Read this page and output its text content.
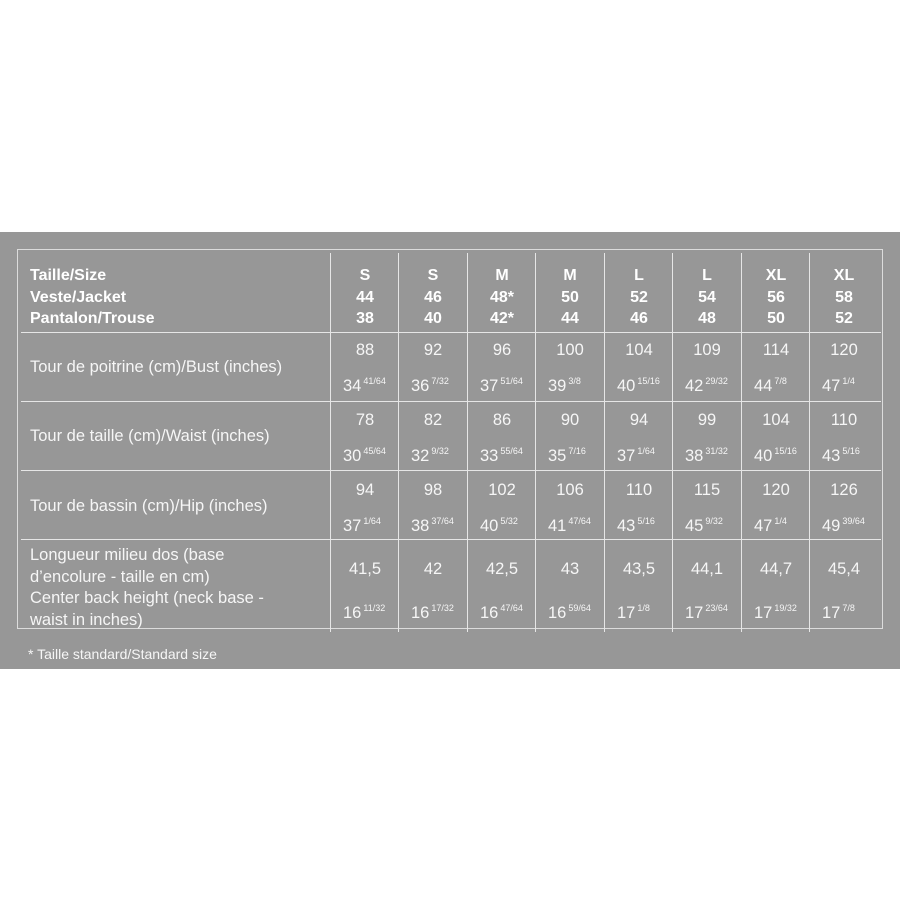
Taille/Size
Veste/Jacket
Pantalon/Trouse
S
44
38
S
46
40
M
48*
42*
M
50
44
L
52
46
L
54
48
XL
56
50
XL
58
52
Tour de poitrine (cm)/Bust (inches)
88
34 $^{41/64}$
92
36 $^{7/32}$
96
37 $^{51/64}$
100
39 $^{3/8}$
104
40 $^{15/16}$
109
42 $^{29/32}$
114
44 $^{7/8}$
120
47 $^{1/4}$
Tour de taille (cm)/Waist (inches)
78
30 $^{45/64}$
82
32 $^{9/32}$
86
33 $^{55/64}$
90
35 $^{7/16}$
94
37 $^{1/64}$
99
38 $^{31/32}$
104
40 $^{15/16}$
110
43 $^{5/16}$
Tour de bassin (cm)/Hip (inches)
94
37 $^{1/64}$
98
38 $^{37/64}$
102
40 $^{5/32}$
106
41 $^{47/64}$
110
43 $^{5/16}$
115
45 $^{9/32}$
120
47 $^{1/4}$
126
49 $^{39/64}$
Longueur milieu dos (base
d’encolure - taille en cm)
Center back height (neck base -
waist in inches)
41,5
16 $^{11/32}$
42
16 $^{17/32}$
42,5
16 $^{47/64}$
43
16 $^{59/64}$
43,5
17 $^{1/8}$
44,1
17 $^{23/64}$
44,7
17 $^{19/32}$
45,4
17 $^{7/8}$
* Taille standard/Standard size
